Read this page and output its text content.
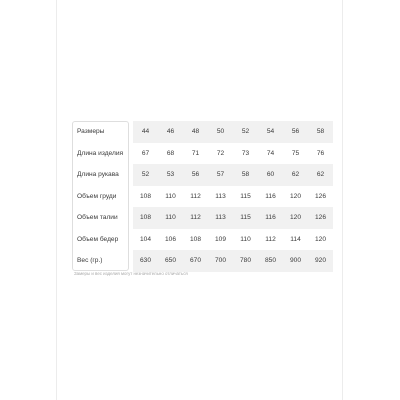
Размеры	44	46	48	50	52	54	56	58
Длина изделия	67	68	71	72	73	74	75	76
Длина рукава	52	53	56	57	58	60	62	62
Объем груди	108	110	112	113	115	116	120	126
Объем талии	108	110	112	113	115	116	120	126
Объем бедер	104	106	108	109	110	112	114	120
Вес (гр.)	630	650	670	700	780	850	900	920
Замеры и вес изделия могут незначительно отличаться
